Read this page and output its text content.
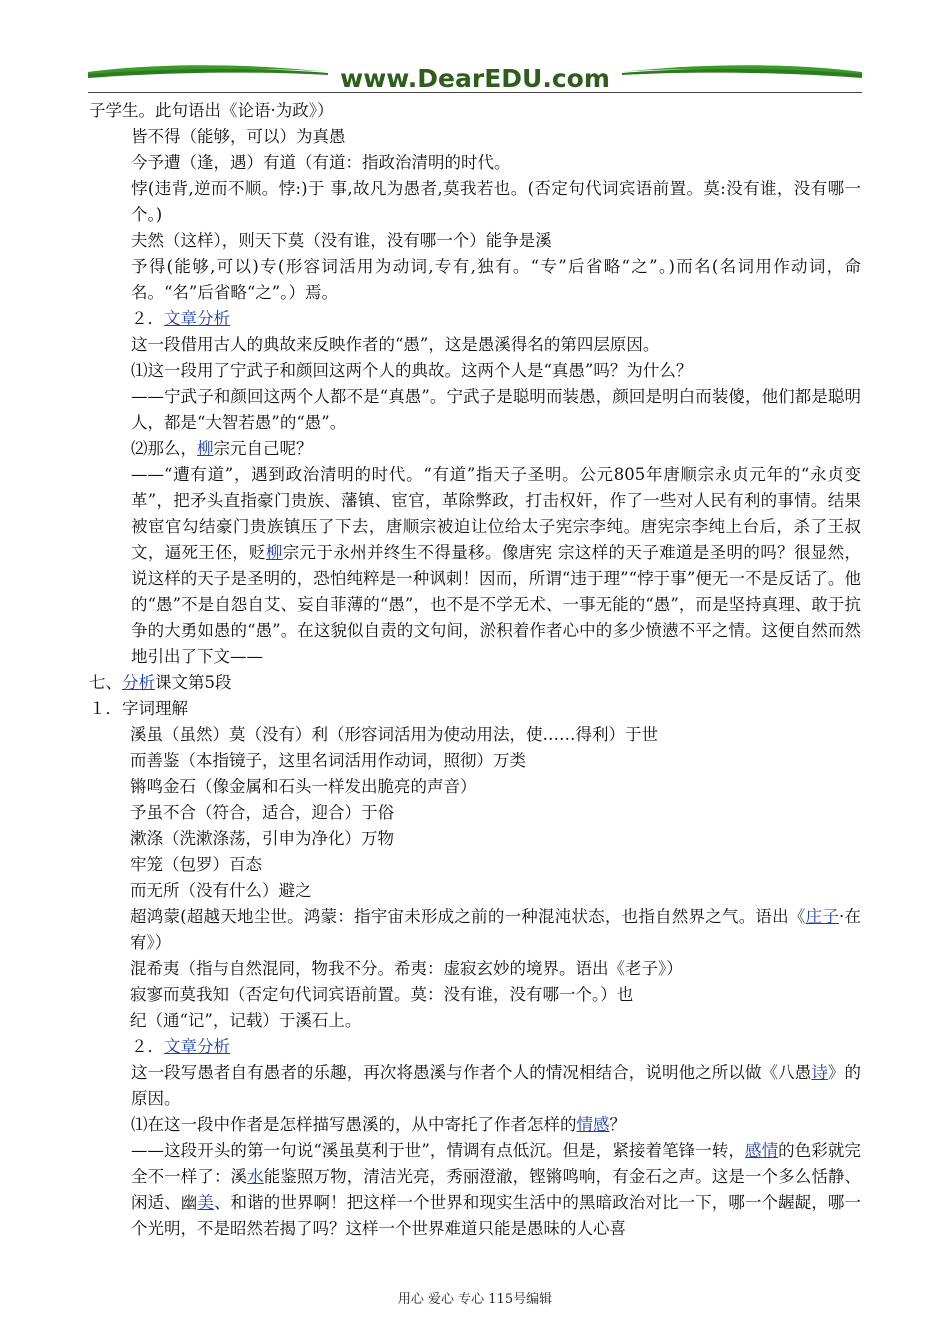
www.DearEDU.com

子学生。此句语出《论语·为政》）

皆不得（能够，可以）为真愚

今予遭（逢，遇）有道（有道：指政治清明的时代。

悖(违背,逆而不顺。悖:)于 事,故凡为愚者,莫我若也。(否定句代词宾语前置。莫:没有谁，没有哪一个。)

夫然（这样），则天下莫（没有谁，没有哪一个）能争是溪

予得(能够,可以)专(形容词活用为动词,专有,独有。“专”后省略“之”。)而名(名词用作动词，命名。“名”后省略“之”。）焉。

２．文章分析

这一段借用古人的典故来反映作者的“愚”，这是愚溪得名的第四层原因。

⑴这一段用了宁武子和颜回这两个人的典故。这两个人是“真愚”吗？为什么？

——宁武子和颜回这两个人都不是“真愚”。宁武子是聪明而装愚，颜回是明白而装傻，他们都是聪明人，都是“大智若愚”的“愚”。

⑵那么，柳宗元自己呢？

——“遭有道”，遇到政治清明的时代。“有道”指天子圣明。公元805年唐顺宗永贞元年的“永贞变革”，把矛头直指豪门贵族、藩镇、宦官，革除弊政，打击权奸，作了一些对人民有利的事情。结果被宦官勾结豪门贵族镇压了下去，唐顺宗被迫让位给太子宪宗李纯。唐宪宗李纯上台后，杀了王叔文，逼死王伾，贬柳宗元于永州并终生不得量移。像唐宪 宗这样的天子难道是圣明的吗？很显然，说这样的天子是圣明的，恐怕纯粹是一种讽刺！因而，所谓“违于理”“悖于事”便无一不是反话了。他的“愚”不是自怨自艾、妄自菲薄的“愚”，也不是不学无术、一事无能的“愚”，而是坚持真理、敢于抗争的大勇如愚的“愚”。在这貌似自责的文句间，淤积着作者心中的多少愤懑不平之情。这便自然而然地引出了下文——

七、分析课文第5段

１．字词理解

溪虽（虽然）莫（没有）利（形容词活用为使动用法，使……得利）于世

而善鉴（本指镜子，这里名词活用作动词，照彻）万类

锵鸣金石（像金属和石头一样发出脆亮的声音）

予虽不合（符合，适合，迎合）于俗

漱涤（洗漱涤荡，引申为净化）万物

牢笼（包罗）百态

而无所（没有什么）避之

超鸿蒙(超越天地尘世。鸿蒙：指宇宙未形成之前的一种混沌状态，也指自然界之气。语出《庄子·在宥》）

混希夷（指与自然混同，物我不分。希夷：虚寂玄妙的境界。语出《老子》）

寂寥而莫我知（否定句代词宾语前置。莫：没有谁，没有哪一个。）也

纪（通“记”，记载）于溪石上。

２．文章分析

这一段写愚者自有愚者的乐趣，再次将愚溪与作者个人的情况相结合，说明他之所以做《八愚诗》的原因。

⑴在这一段中作者是怎样描写愚溪的，从中寄托了作者怎样的情感？

——这段开头的第一句说“溪虽莫利于世”，情调有点低沉。但是，紧接着笔锋一转，感情的色彩就完全不一样了：溪水能鉴照万物，清洁光亮，秀丽澄澈，铿锵鸣响，有金石之声。这是一个多么恬静、闲适、幽美、和谐的世界啊！把这样一个世界和现实生活中的黑暗政治对比一下，哪一个龌龊，哪一个光明，不是昭然若揭了吗？这样一个世界难道只能是愚昧的人心喜

用心 爱心 专心 115号编辑
